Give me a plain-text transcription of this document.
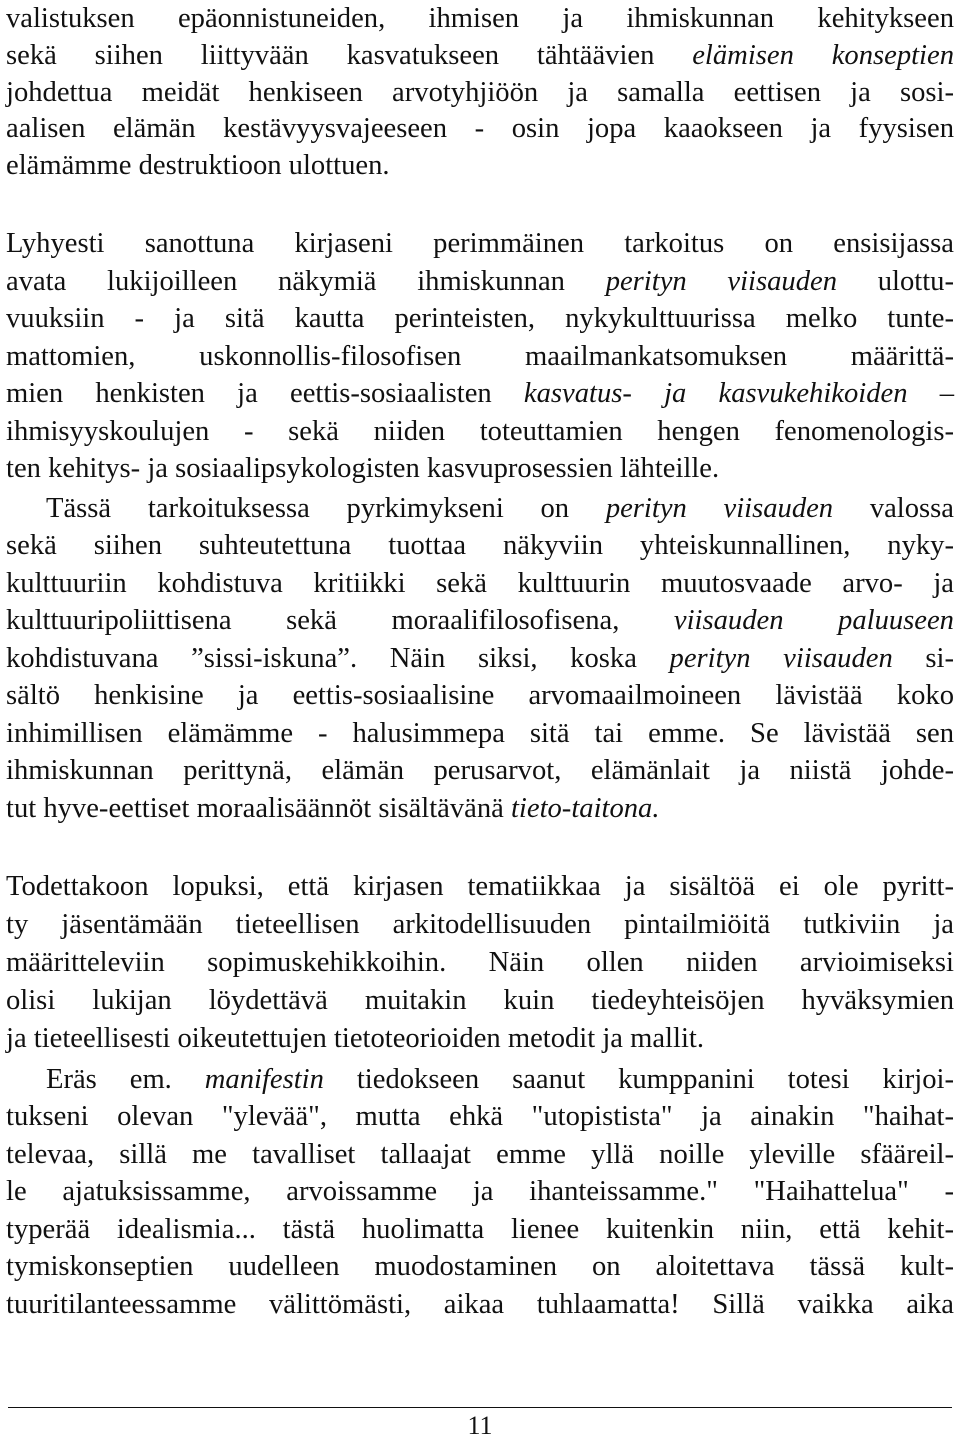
11
valistuksen epäonnistuneiden, ihmisen ja ihmiskunnan kehitykseen
sekä siihen liittyvään kasvatukseen tähtäävien elämisen konseptien
johdettua meidät henkiseen arvotyhjiöön ja samalla eettisen ja sosi-
aalisen elämän kestävyysvajeeseen - osin jopa kaaokseen ja fyysisen
elämämme destruktioon ulottuen.
Lyhyesti sanottuna kirjaseni perimmäinen tarkoitus on ensisijassa
avata lukijoilleen näkymiä ihmiskunnan perityn viisauden ulottu-
vuuksiin - ja sitä kautta perinteisten, nykykulttuurissa melko tunte-
mattomien, uskonnollis-filosofisen maailmankatsomuksen määrittä-
mien henkisten ja eettis-sosiaalisten kasvatus- ja kasvukehikoiden –
ihmisyyskoulujen - sekä niiden toteuttamien hengen fenomenologis-
ten kehitys- ja sosiaalipsykologisten kasvuprosessien lähteille.
Tässä tarkoituksessa pyrkimykseni on perityn viisauden valossa
sekä siihen suhteutettuna tuottaa näkyviin yhteiskunnallinen, nyky-
kulttuuriin kohdistuva kritiikki sekä kulttuurin muutosvaade arvo- ja
kulttuuripoliittisena sekä moraalifilosofisena, viisauden paluuseen
kohdistuvana ”sissi-iskuna”. Näin siksi, koska perityn viisauden si-
sältö henkisine ja eettis-sosiaalisine arvomaailmoineen lävistää koko
inhimillisen elämämme - halusimmepa sitä tai emme. Se lävistää sen
ihmiskunnan perittynä, elämän perusarvot, elämänlait ja niistä johde-
tut hyve-eettiset moraalisäännöt sisältävänä tieto-taitona.
Todettakoon lopuksi, että kirjasen tematiikkaa ja sisältöä ei ole pyritt-
ty jäsentämään tieteellisen arkitodellisuuden pintailmiöitä tutkiviin ja
määritteleviin sopimuskehikkoihin. Näin ollen niiden arvioimiseksi
olisi lukijan löydettävä muitakin kuin tiedeyhteisöjen hyväksymien
ja tieteellisesti oikeutettujen tietoteorioiden metodit ja mallit.
Eräs em. manifestin tiedokseen saanut kumppanini totesi kirjoi-
tukseni olevan "ylevää", mutta ehkä "utopistista" ja ainakin "haihat-
televaa, sillä me tavalliset tallaajat emme yllä noille yleville sfääreil-
le ajatuksissamme, arvoissamme ja ihanteissamme." "Haihattelua" -
typerää idealismia... tästä huolimatta lienee kuitenkin niin, että kehit-
tymiskonseptien uudelleen muodostaminen on aloitettava tässä kult-
tuuritilanteessamme välittömästi, aikaa tuhlaamatta! Sillä vaikka aika
